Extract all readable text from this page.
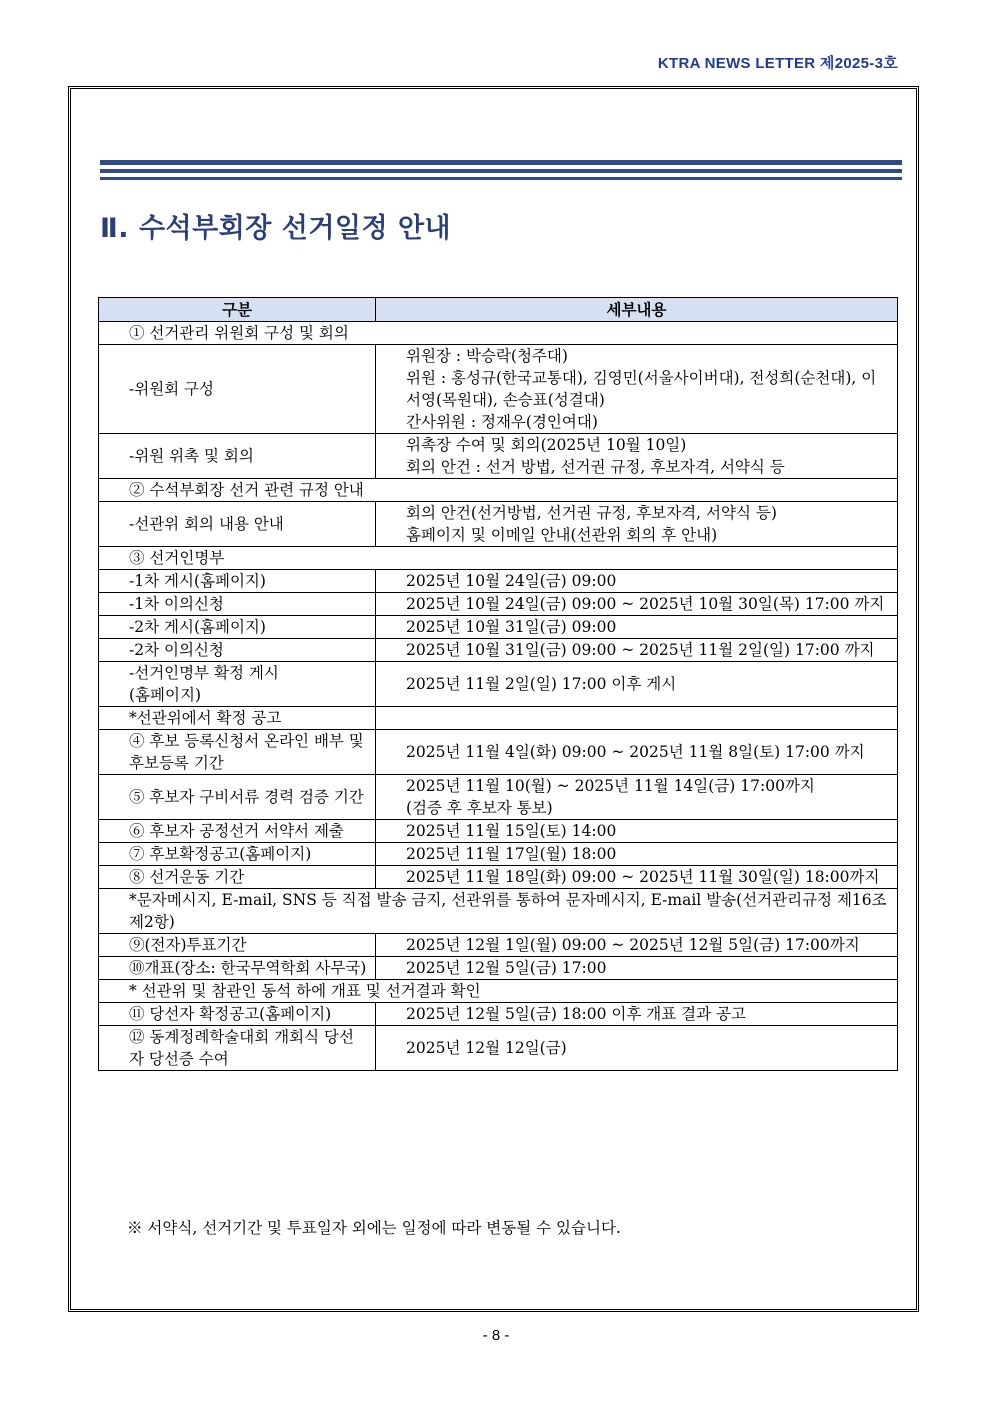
KTRA NEWS LETTER 제2025-3호
Ⅱ. 수석부회장 선거일정 안내
구분	세부내용
① 선거관리 위원회 구성 및 회의	
-위원회 구성	위원장 : 박승락(청주대)
위원 : 홍성규(한국교통대), 김영민(서울사이버대), 전성희(순천대), 이서영(목원대), 손승표(성결대)
간사위원 : 정재우(경인여대)
-위원 위촉 및 회의	위촉장 수여 및 회의(2025년 10월 10일)
회의 안건 : 선거 방법, 선거권 규정, 후보자격, 서약식 등
② 수석부회장 선거 관련 규정 안내	
-선관위 회의 내용 안내	회의 안건(선거방법, 선거권 규정, 후보자격, 서약식 등)
홈페이지 및 이메일 안내(선관위 회의 후 안내)
③ 선거인명부	
-1차 게시(홈페이지)	2025년 10월 24일(금) 09:00
-1차 이의신청	2025년 10월 24일(금) 09:00 ~ 2025년 10월 30일(목) 17:00 까지
-2차 게시(홈페이지)	2025년 10월 31일(금) 09:00
-2차 이의신청	2025년 10월 31일(금) 09:00 ~ 2025년 11월 2일(일) 17:00 까지
-선거인명부 확정 게시
(홈페이지)	2025년 11월 2일(일) 17:00 이후 게시
*선관위에서 확정 공고	
④ 후보 등록신청서 온라인 배부 및 후보등록 기간	2025년 11월 4일(화) 09:00 ~ 2025년 11월 8일(토) 17:00 까지
⑤ 후보자 구비서류 경력 검증 기간	2025년 11월 10(월) ~ 2025년 11월 14일(금) 17:00까지
(검증 후 후보자 통보)
⑥ 후보자 공정선거 서약서 제출	2025년 11월 15일(토) 14:00
⑦ 후보확정공고(홈페이지)	2025년 11월 17일(월) 18:00
⑧ 선거운동 기간	2025년 11월 18일(화) 09:00 ~ 2025년 11월 30일(일) 18:00까지
*문자메시지, E-mail, SNS 등 직접 발송 금지, 선관위를 통하여 문자메시지, E-mail 발송(선거관리규정 제16조 제2항)	
⑨(전자)투표기간	2025년 12월 1일(월) 09:00 ~ 2025년 12월 5일(금) 17:00까지
⑩개표(장소: 한국무역학회 사무국)	2025년 12월 5일(금) 17:00
* 선관위 및 참관인 동석 하에 개표 및 선거결과 확인	
⑪ 당선자 확정공고(홈페이지)	2025년 12월 5일(금) 18:00 이후 개표 결과 공고
⑫ 동계정례학술대회 개회식 당선자 당선증 수여	2025년 12월 12일(금)
※ 서약식, 선거기간 및 투표일자 외에는 일정에 따라 변동될 수 있습니다.
- 8 -
